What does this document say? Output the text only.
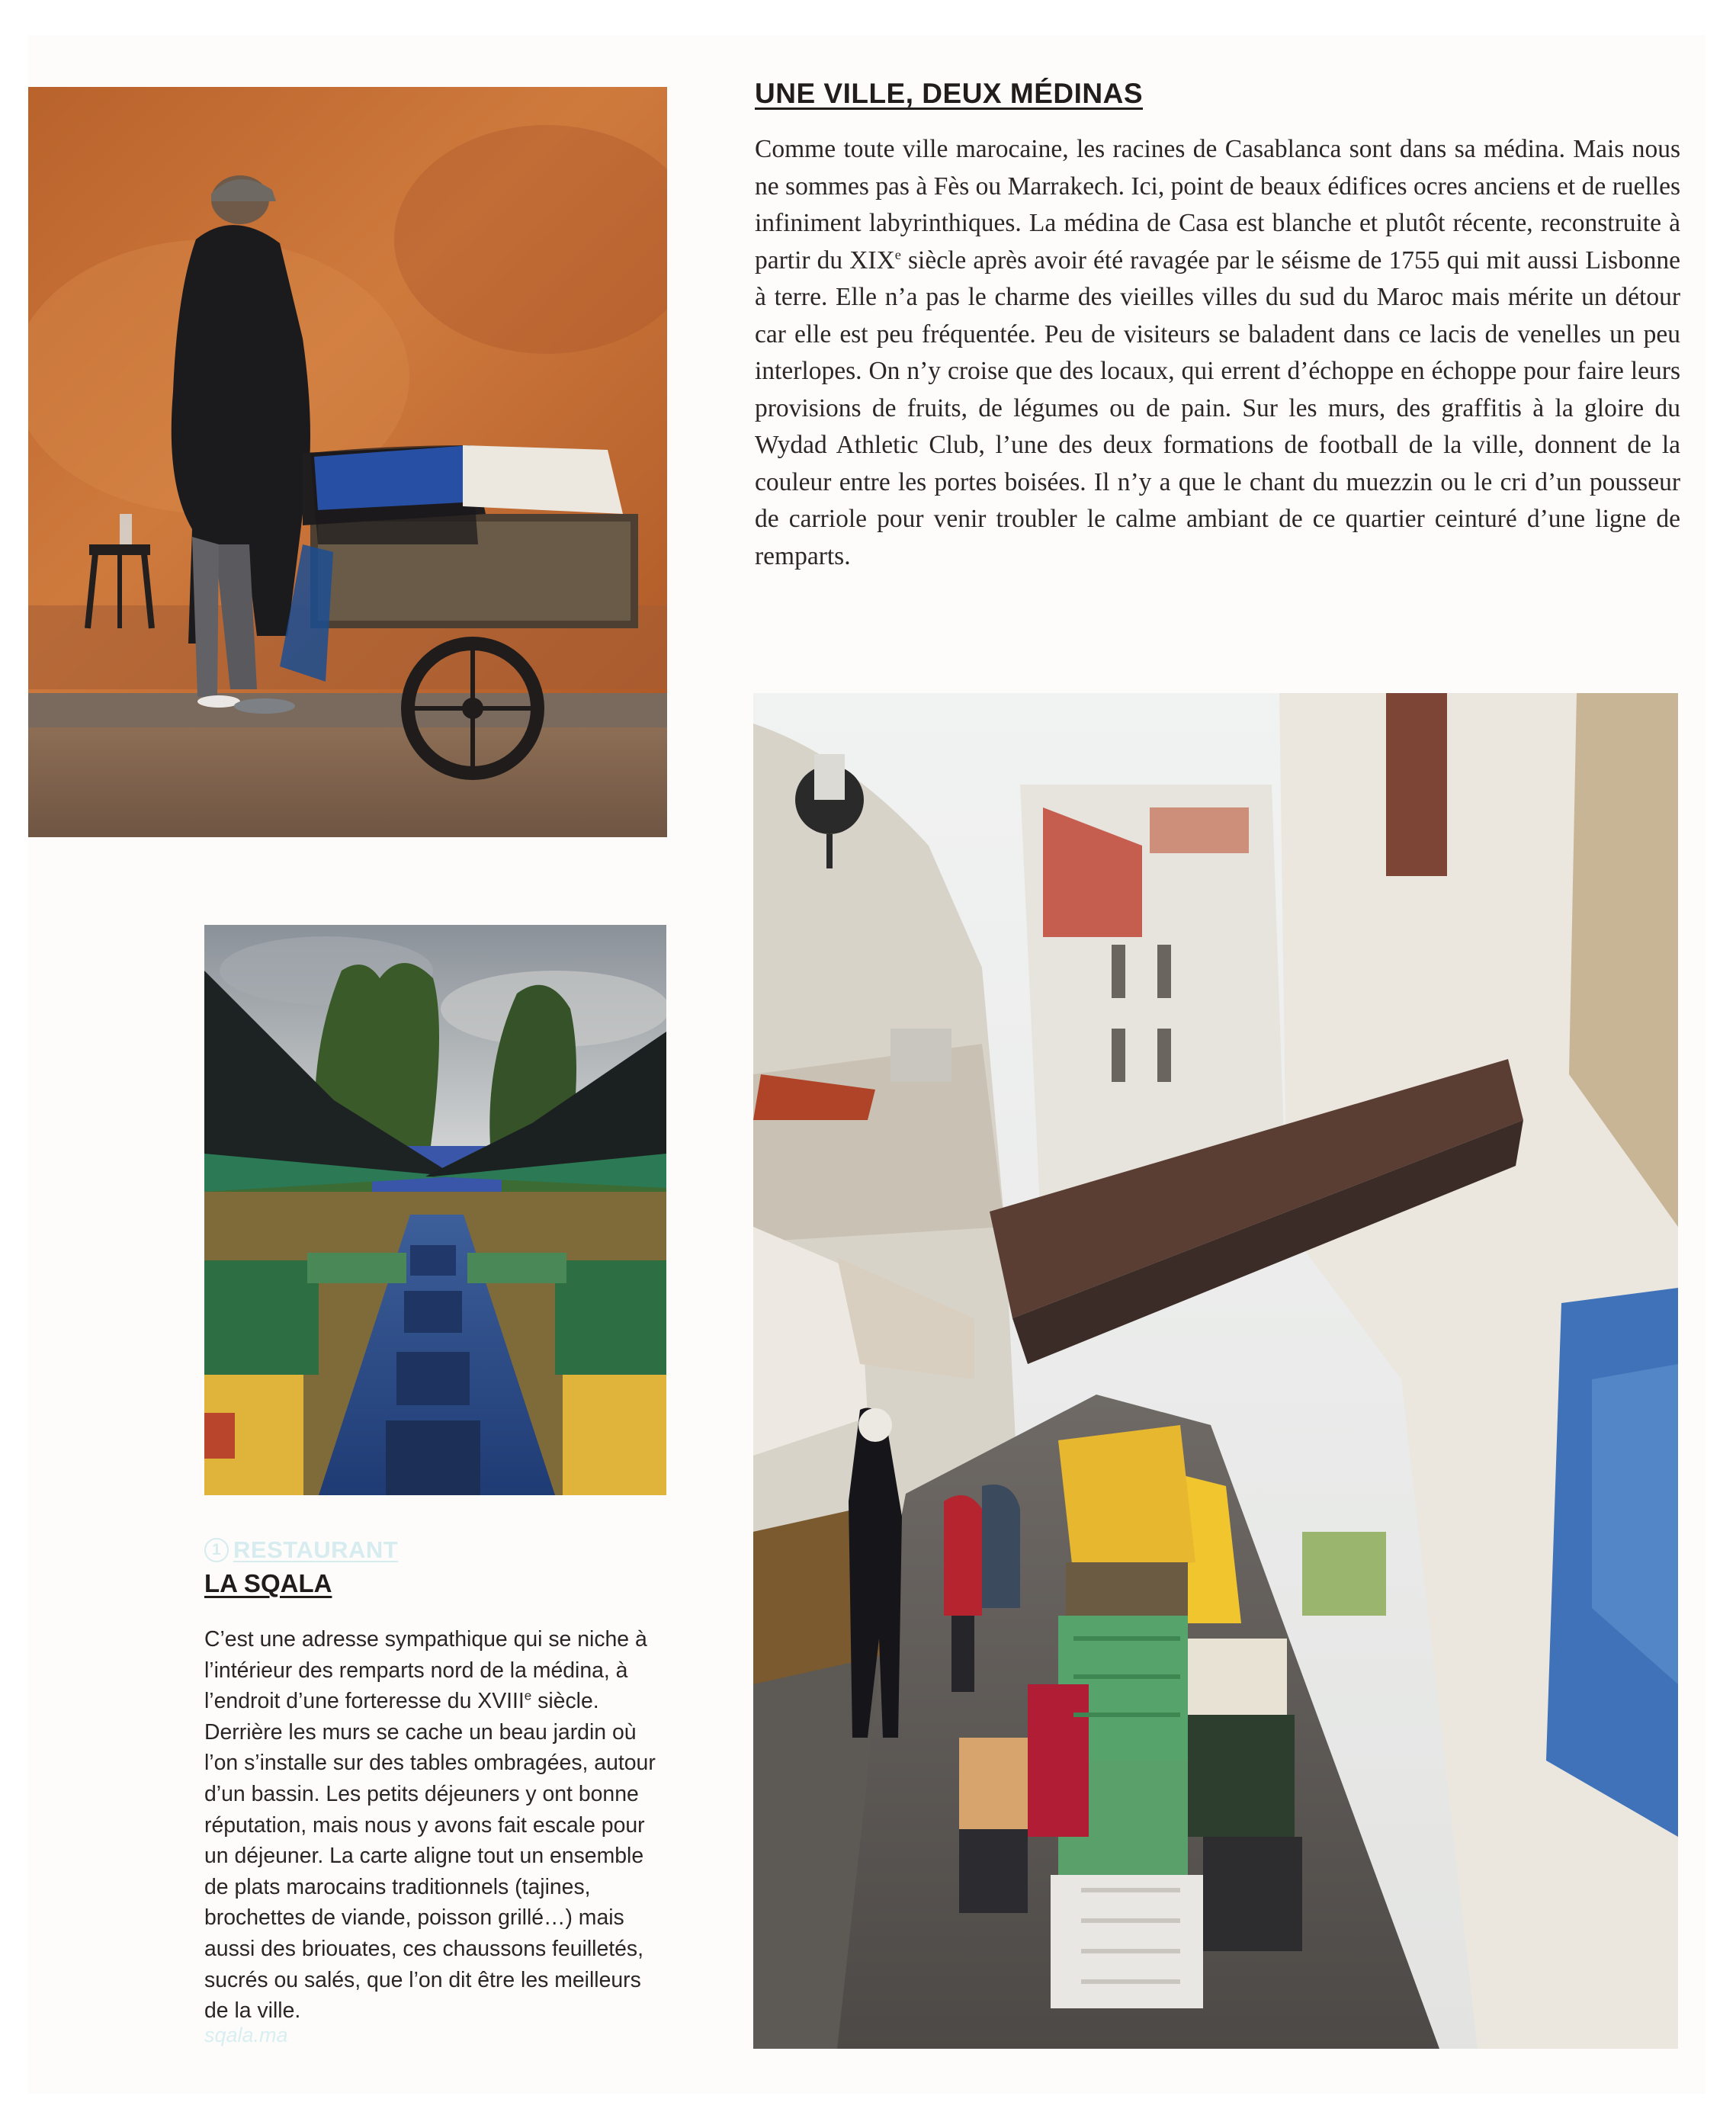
UNE VILLE, DEUX MÉDINAS

Comme toute ville marocaine, les racines de Casablanca sont dans sa médina. Mais nous ne sommes pas à Fès ou Marrakech. Ici, point de beaux édifices ocres anciens et de ruelles infiniment labyrinthiques. La médina de Casa est blanche et plutôt récente, reconstruite à partir du XIXe siècle après avoir été ravagée par le séisme de 1755 qui mit aussi Lisbonne à terre. Elle n’a pas le charme des vieilles villes du sud du Maroc mais mérite un détour car elle est peu fréquentée. Peu de visiteurs se baladent dans ce lacis de venelles un peu interlopes. On n’y croise que des locaux, qui errent d’échoppe en échoppe pour faire leurs provisions de fruits, de légumes ou de pain. Sur les murs, des graffitis à la gloire du Wydad Athletic Club, l’une des deux formations de football de la ville, donnent de la couleur entre les portes boisées. Il n’y a que le chant du muezzin ou le cri d’un pousseur de carriole pour venir troubler le calme ambiant de ce quartier ceinturé d’une ligne de remparts.

1 RESTAURANT

LA SQALA

C’est une adresse sympathique qui se niche à l’intérieur des remparts nord de la médina, à l’endroit d’une forteresse du XVIIIe siècle. Derrière les murs se cache un beau jardin où l’on s’installe sur des tables ombragées, autour d’un bassin. Les petits déjeuners y ont bonne réputation, mais nous y avons fait escale pour un déjeuner. La carte aligne tout un ensemble de plats marocains traditionnels (tajines, brochettes de viande, poisson grillé…) mais aussi des briouates, ces chaussons feuilletés, sucrés ou salés, que l’on dit être les meilleurs de la ville.

sqala.ma
